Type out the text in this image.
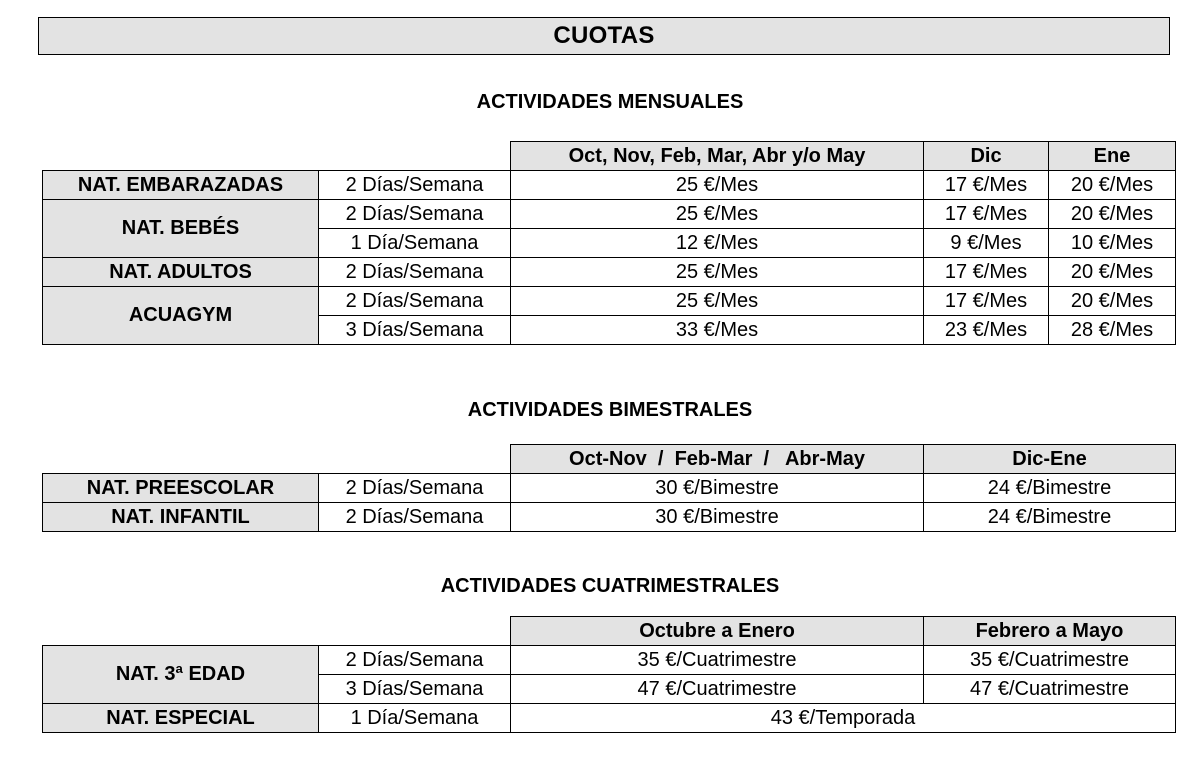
CUOTAS
ACTIVIDADES MENSUALES
		Oct, Nov, Feb, Mar, Abr y/o May	Dic	Ene
NAT. EMBARAZADAS	2 Días/Semana	25 €/Mes	17 €/Mes	20 €/Mes
NAT. BEBÉS	2 Días/Semana	25 €/Mes	17 €/Mes	20 €/Mes
	1 Día/Semana	12 €/Mes	9 €/Mes	10 €/Mes
NAT. ADULTOS	2 Días/Semana	25 €/Mes	17 €/Mes	20 €/Mes
ACUAGYM	2 Días/Semana	25 €/Mes	17 €/Mes	20 €/Mes
	3 Días/Semana	33 €/Mes	23 €/Mes	28 €/Mes
ACTIVIDADES BIMESTRALES
		Oct-Nov  /  Feb-Mar  /   Abr-May	Dic-Ene
NAT. PREESCOLAR	2 Días/Semana	30 €/Bimestre	24 €/Bimestre
NAT. INFANTIL	2 Días/Semana	30 €/Bimestre	24 €/Bimestre
ACTIVIDADES CUATRIMESTRALES
		Octubre a Enero	Febrero a Mayo
NAT. 3ª EDAD	2 Días/Semana	35 €/Cuatrimestre	35 €/Cuatrimestre
	3 Días/Semana	47 €/Cuatrimestre	47 €/Cuatrimestre
NAT. ESPECIAL	1 Día/Semana	43 €/Temporada	
